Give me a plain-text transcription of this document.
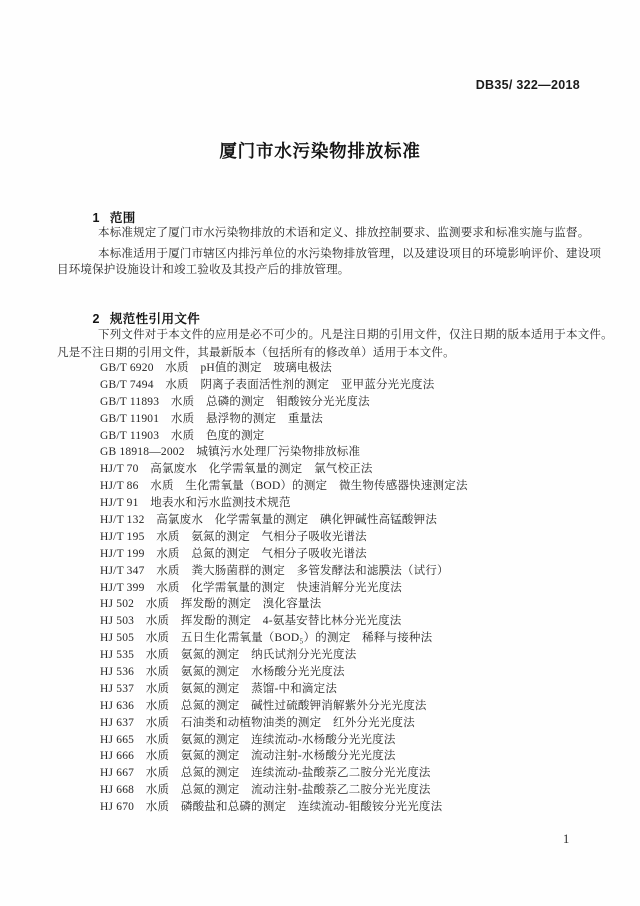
DB35/ 322—2018
厦门市水污染物排放标准

1 范围

本标准规定了厦门市水污染物排放的术语和定义、排放控制要求、监测要求和标准实施与监督。
本标准适用于厦门市辖区内排污单位的水污染物排放管理，以及建设项目的环境影响评价、建设项
目环境保护设施设计和竣工验收及其投产后的排放管理。

2 规范性引用文件

下列文件对于本文件的应用是必不可少的。凡是注日期的引用文件，仅注日期的版本适用于本文件。
凡是不注日期的引用文件，其最新版本（包括所有的修改单）适用于本文件。
GB/T 6920　水质　pH值的测定　玻璃电极法
GB/T 7494　水质　阴离子表面活性剂的测定　亚甲蓝分光光度法
GB/T 11893　水质　总磷的测定　钼酸铵分光光度法
GB/T 11901　水质　悬浮物的测定　重量法
GB/T 11903　水质　色度的测定
GB 18918—2002　城镇污水处理厂污染物排放标准
HJ/T 70　高氯废水　化学需氧量的测定　氯气校正法
HJ/T 86　水质　生化需氧量（BOD）的测定　微生物传感器快速测定法
HJ/T 91　地表水和污水监测技术规范
HJ/T 132　高氯废水　化学需氧量的测定　碘化钾碱性高锰酸钾法
HJ/T 195　水质　氨氮的测定　气相分子吸收光谱法
HJ/T 199　水质　总氮的测定　气相分子吸收光谱法
HJ/T 347　水质　粪大肠菌群的测定　多管发酵法和滤膜法（试行）
HJ/T 399　水质　化学需氧量的测定　快速消解分光光度法
HJ 502　水质　挥发酚的测定　溴化容量法
HJ 503　水质　挥发酚的测定　4-氨基安替比林分光光度法
HJ 505　水质　五日生化需氧量（BOD₅）的测定　稀释与接种法
HJ 535　水质　氨氮的测定　纳氏试剂分光光度法
HJ 536　水质　氨氮的测定　水杨酸分光光度法
HJ 537　水质　氨氮的测定　蒸馏-中和滴定法
HJ 636　水质　总氮的测定　碱性过硫酸钾消解紫外分光光度法
HJ 637　水质　石油类和动植物油类的测定　红外分光光度法
HJ 665　水质　氨氮的测定　连续流动-水杨酸分光光度法
HJ 666　水质　氨氮的测定　流动注射-水杨酸分光光度法
HJ 667　水质　总氮的测定　连续流动-盐酸萘乙二胺分光光度法
HJ 668　水质　总氮的测定　流动注射-盐酸萘乙二胺分光光度法
HJ 670　水质　磷酸盐和总磷的测定　连续流动-钼酸铵分光光度法
1
